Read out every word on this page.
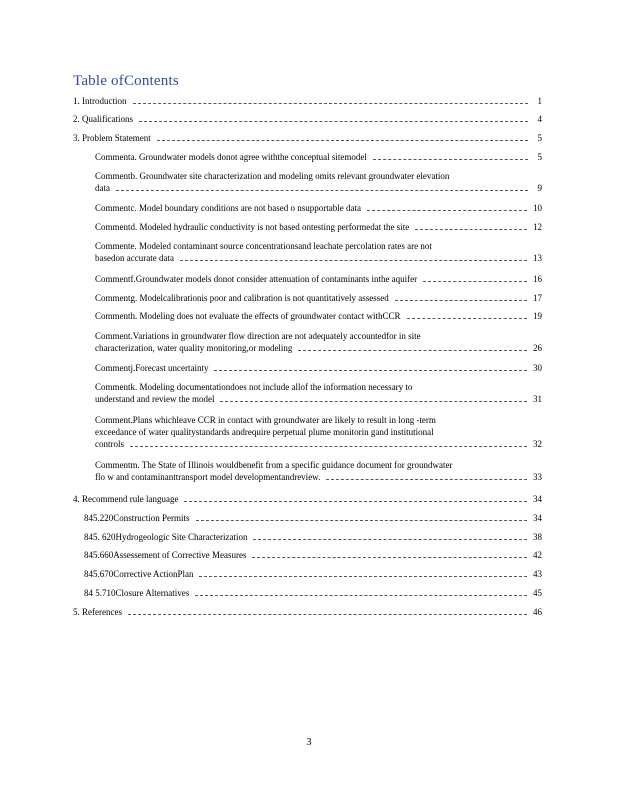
Table ofContents
1. Introduction	1
2. Qualifications	4
3. Problem Statement	5
Commenta. Groundwater models donot agree withthe conceptual sitemodel	5
Commentb. Groundwater site characterization and modeling omits relevant groundwater elevation
data	9
Commentc. Model boundary conditions are not based o nsupportable data	10
Commentd. Modeled hydraulic conductivity is not based ontesting performedat the site	12
Commente. Modeled contaminant source concentrationsand leachate percolation rates are not
basedon accurate data	13
Commentf.Groundwater models donot consider attenuation of contaminants inthe aquifer	16
Commentg. Modelcalibrationis poor and calibration is not quantitatively assessed	17
Commenth. Modeling does not evaluate the effects of groundwater contact withCCR	19
Comment.Variations in groundwater flow direction are not adequately accountedfor in site
characterization, water quality monitoring,or modeling	26
Commentj.Forecast uncertainty	30
Commentk. Modeling documentationdoes not include allof the information necessary to
understand and review the model	31
Comment.Plans whichleave CCR in contact with groundwater are likely to result in long -term
exceedance of water qualitystandards andrequire perpetual plume monitorin gand institutional
controls	32
Commentm. The State of Illinois wouldbenefit from a specific guidance document for groundwater
flo w and contaminanttransport model developmentandreview.	33
4. Recommend rule language	34
845.220Construction Permits	34
845. 620Hydrogeologic Site Characterization	38
845.660Assessement of Corrective Measures	42
845.670Corrective ActionPlan	43
84 5.710Closure Alternatives	45
5. References	46
3
